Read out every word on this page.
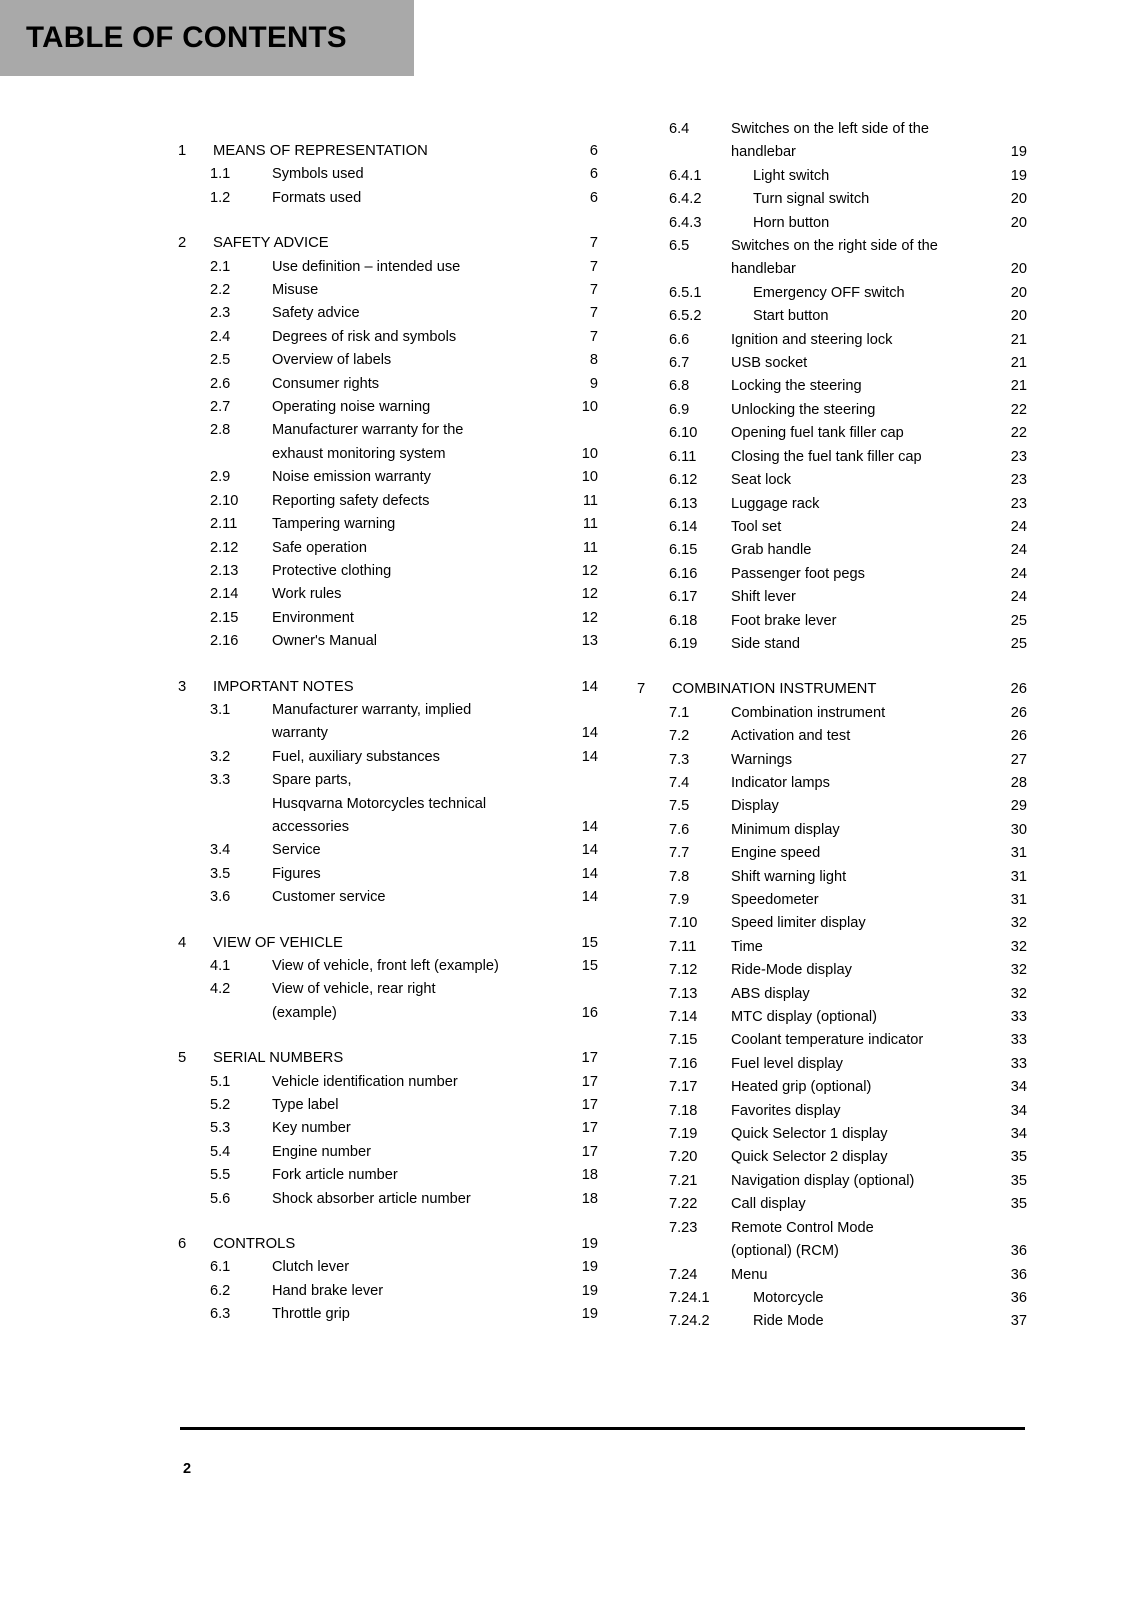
TABLE OF CONTENTS
1	MEANS OF REPRESENTATION	6
1.1	Symbols used	6
1.2	Formats used	6
2	SAFETY ADVICE	7
2.1	Use definition – intended use	7
2.2	Misuse	7
2.3	Safety advice	7
2.4	Degrees of risk and symbols	7
2.5	Overview of labels	8
2.6	Consumer rights	9
2.7	Operating noise warning	10
2.8	Manufacturer warranty for the
exhaust monitoring system	10
2.9	Noise emission warranty	10
2.10	Reporting safety defects	11
2.11	Tampering warning	11
2.12	Safe operation	11
2.13	Protective clothing	12
2.14	Work rules	12
2.15	Environment	12
2.16	Owner's Manual	13
3	IMPORTANT NOTES	14
3.1	Manufacturer warranty, implied
warranty	14
3.2	Fuel, auxiliary substances	14
3.3	Spare parts,
Husqvarna Motorcycles technical
accessories	14
3.4	Service	14
3.5	Figures	14
3.6	Customer service	14
4	VIEW OF VEHICLE	15
4.1	View of vehicle, front left (example)	15
4.2	View of vehicle, rear right
(example)	16
5	SERIAL NUMBERS	17
5.1	Vehicle identification number	17
5.2	Type label	17
5.3	Key number	17
5.4	Engine number	17
5.5	Fork article number	18
5.6	Shock absorber article number	18
6	CONTROLS	19
6.1	Clutch lever	19
6.2	Hand brake lever	19
6.3	Throttle grip	19
6.4	Switches on the left side of the
handlebar	19
6.4.1	Light switch	19
6.4.2	Turn signal switch	20
6.4.3	Horn button	20
6.5	Switches on the right side of the
handlebar	20
6.5.1	Emergency OFF switch	20
6.5.2	Start button	20
6.6	Ignition and steering lock	21
6.7	USB socket	21
6.8	Locking the steering	21
6.9	Unlocking the steering	22
6.10	Opening fuel tank filler cap	22
6.11	Closing the fuel tank filler cap	23
6.12	Seat lock	23
6.13	Luggage rack	23
6.14	Tool set	24
6.15	Grab handle	24
6.16	Passenger foot pegs	24
6.17	Shift lever	24
6.18	Foot brake lever	25
6.19	Side stand	25
7	COMBINATION INSTRUMENT	26
7.1	Combination instrument	26
7.2	Activation and test	26
7.3	Warnings	27
7.4	Indicator lamps	28
7.5	Display	29
7.6	Minimum display	30
7.7	Engine speed	31
7.8	Shift warning light	31
7.9	Speedometer	31
7.10	Speed limiter display	32
7.11	Time	32
7.12	Ride-Mode display	32
7.13	ABS display	32
7.14	MTC display (optional)	33
7.15	Coolant temperature indicator	33
7.16	Fuel level display	33
7.17	Heated grip (optional)	34
7.18	Favorites display	34
7.19	Quick Selector 1 display	34
7.20	Quick Selector 2 display	35
7.21	Navigation display (optional)	35
7.22	Call display	35
7.23	Remote Control Mode
(optional) (RCM)	36
7.24	Menu	36
7.24.1	Motorcycle	36
7.24.2	Ride Mode	37
2
